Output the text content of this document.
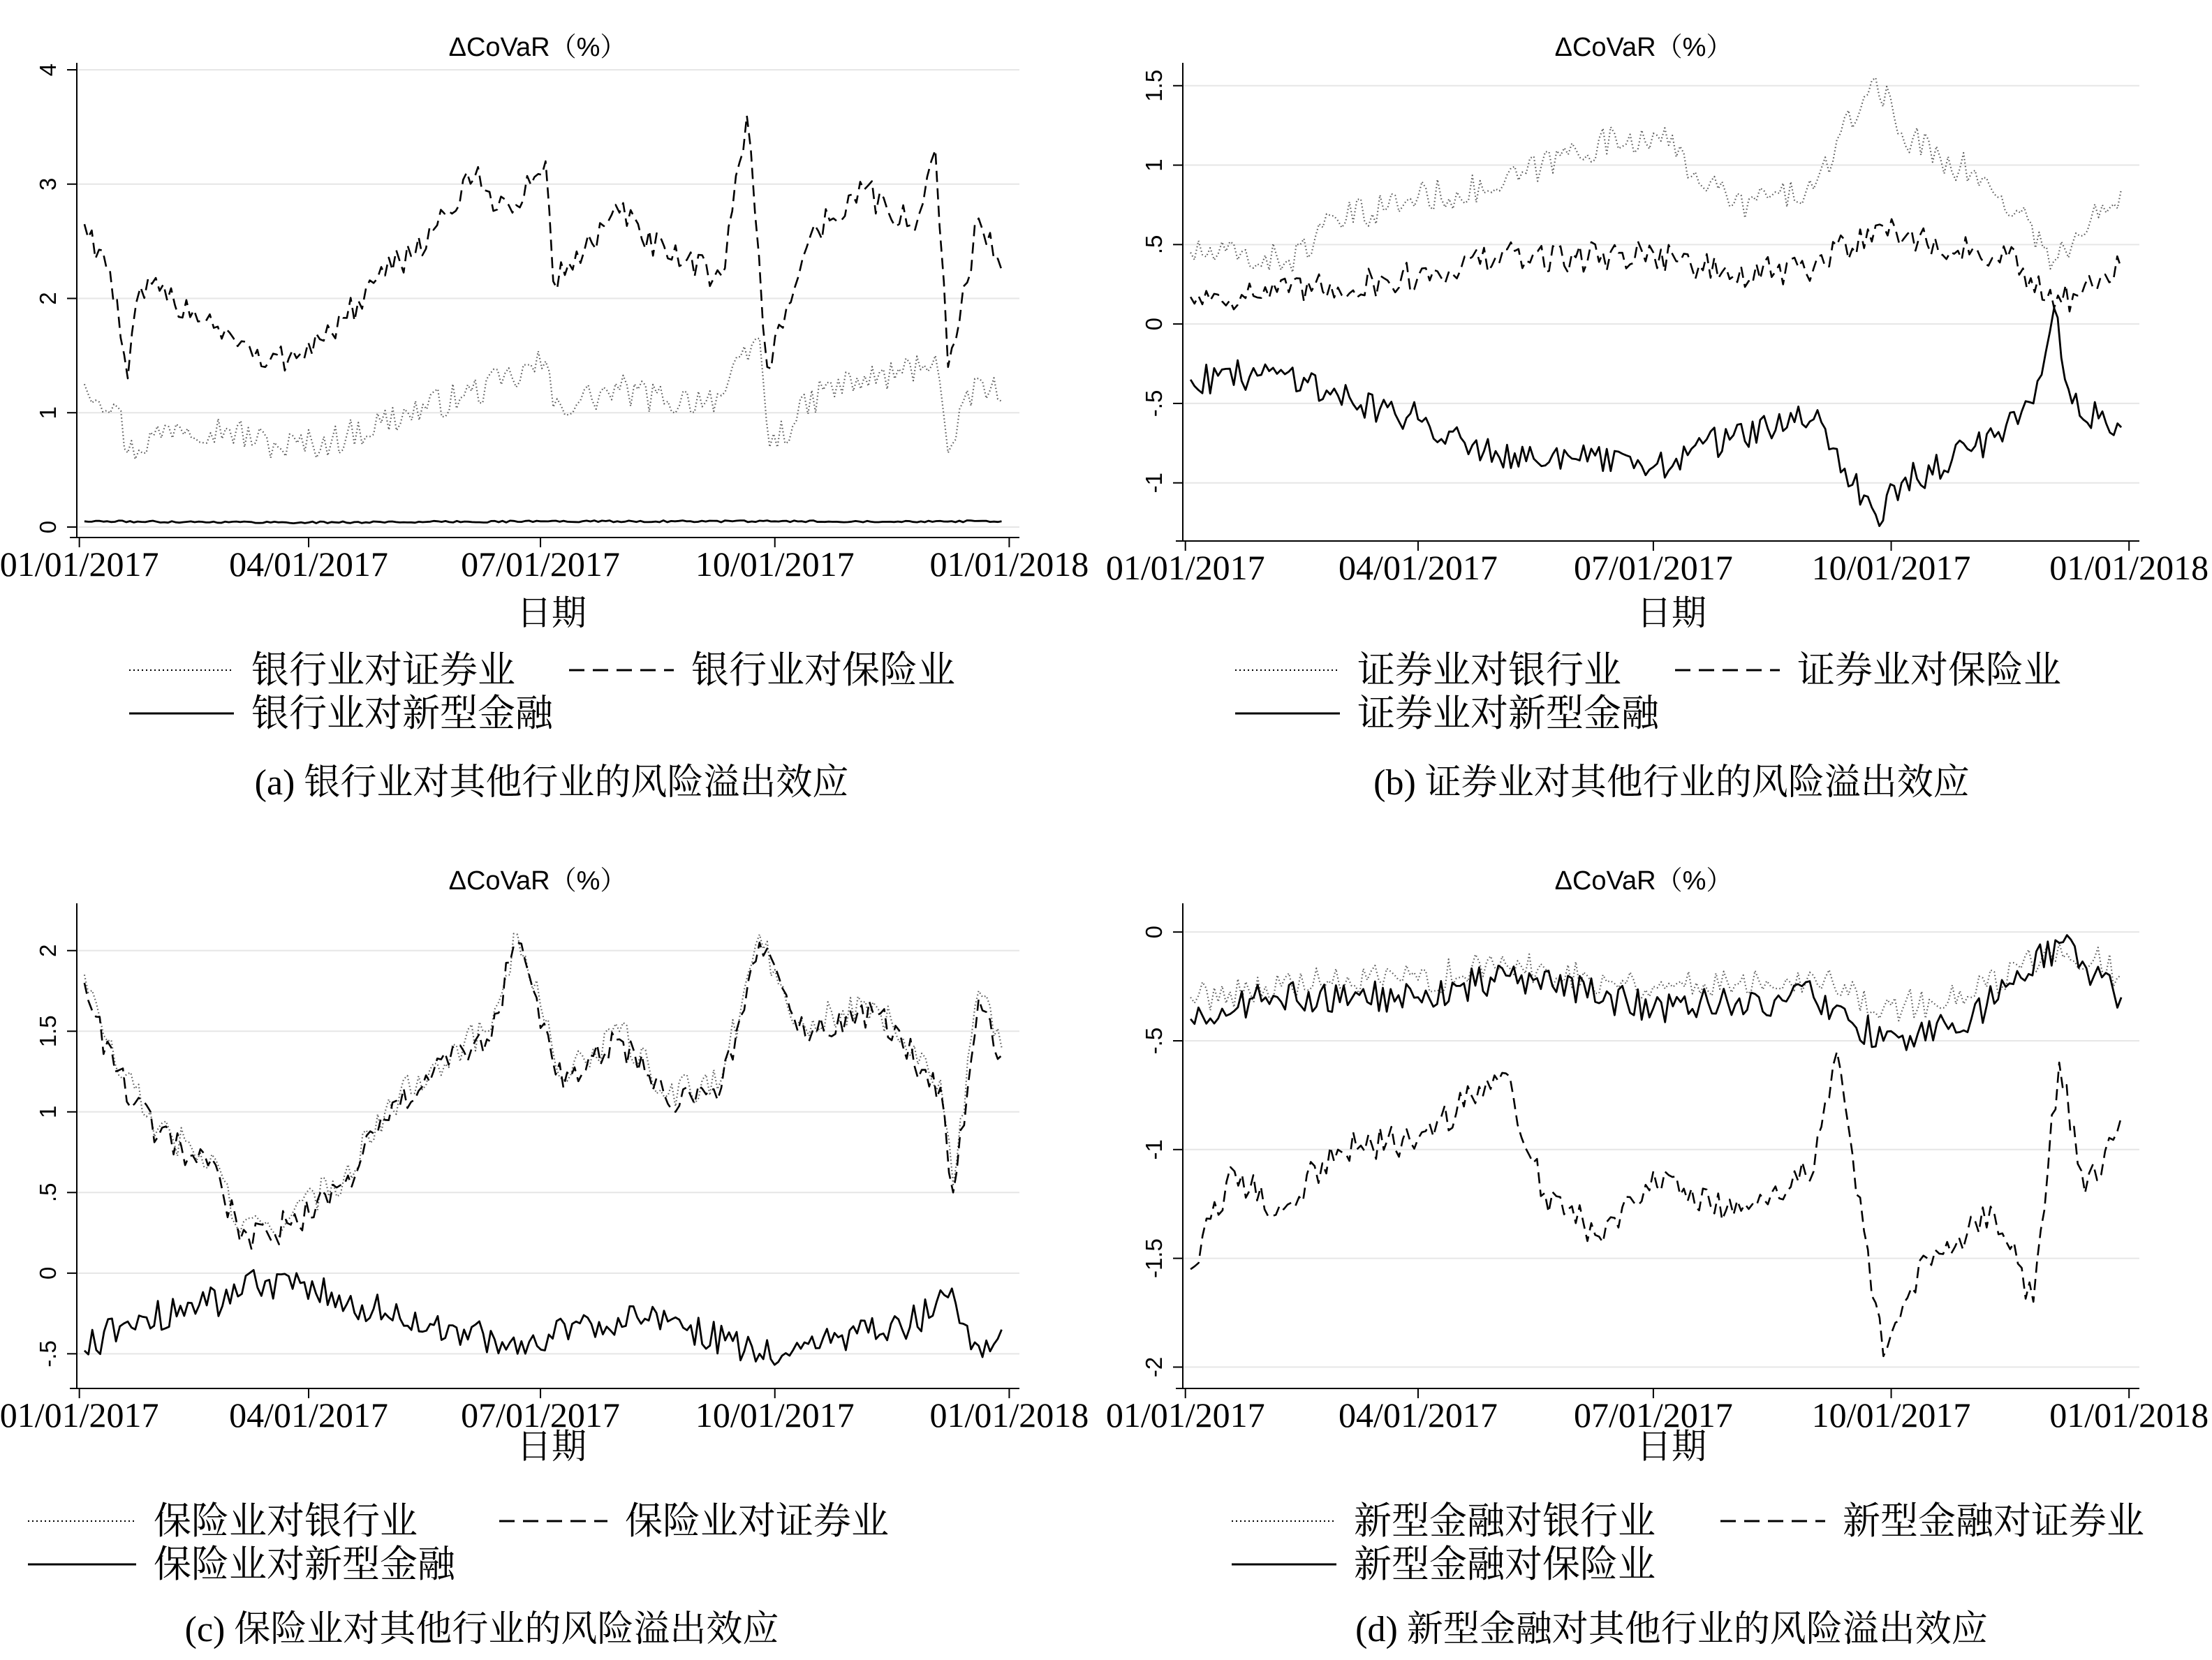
0
1
2
3
4
01/01/2017 04/01/2017 07/01/2017 10/01/2017 01/01/2018
ΔCoVaR（%）
日期
银行业对证券业	银行业对保险业
银行业对新型金融
(a) 银行业对其他行业的风险溢出效应
-1
-.5
0
.5
1
1.5
01/01/2017 04/01/2017 07/01/2017 10/01/2017 01/01/2018
ΔCoVaR（%）
日期
证券业对银行业	证券业对保险业
证券业对新型金融
(b) 证券业对其他行业的风险溢出效应
-.5
0
.5
1
1.5
2
01/01/2017 04/01/2017 07/01/2017 10/01/2017 01/01/2018
ΔCoVaR（%）
日期
保险业对银行业	保险业对证券业
保险业对新型金融
(c) 保险业对其他行业的风险溢出效应
-2
-1.5
-1
-.5
0
01/01/2017 04/01/2017 07/01/2017 10/01/2017 01/01/2018
ΔCoVaR（%）
日期
新型金融对银行业	新型金融对证券业
新型金融对保险业
(d) 新型金融对其他行业的风险溢出效应
